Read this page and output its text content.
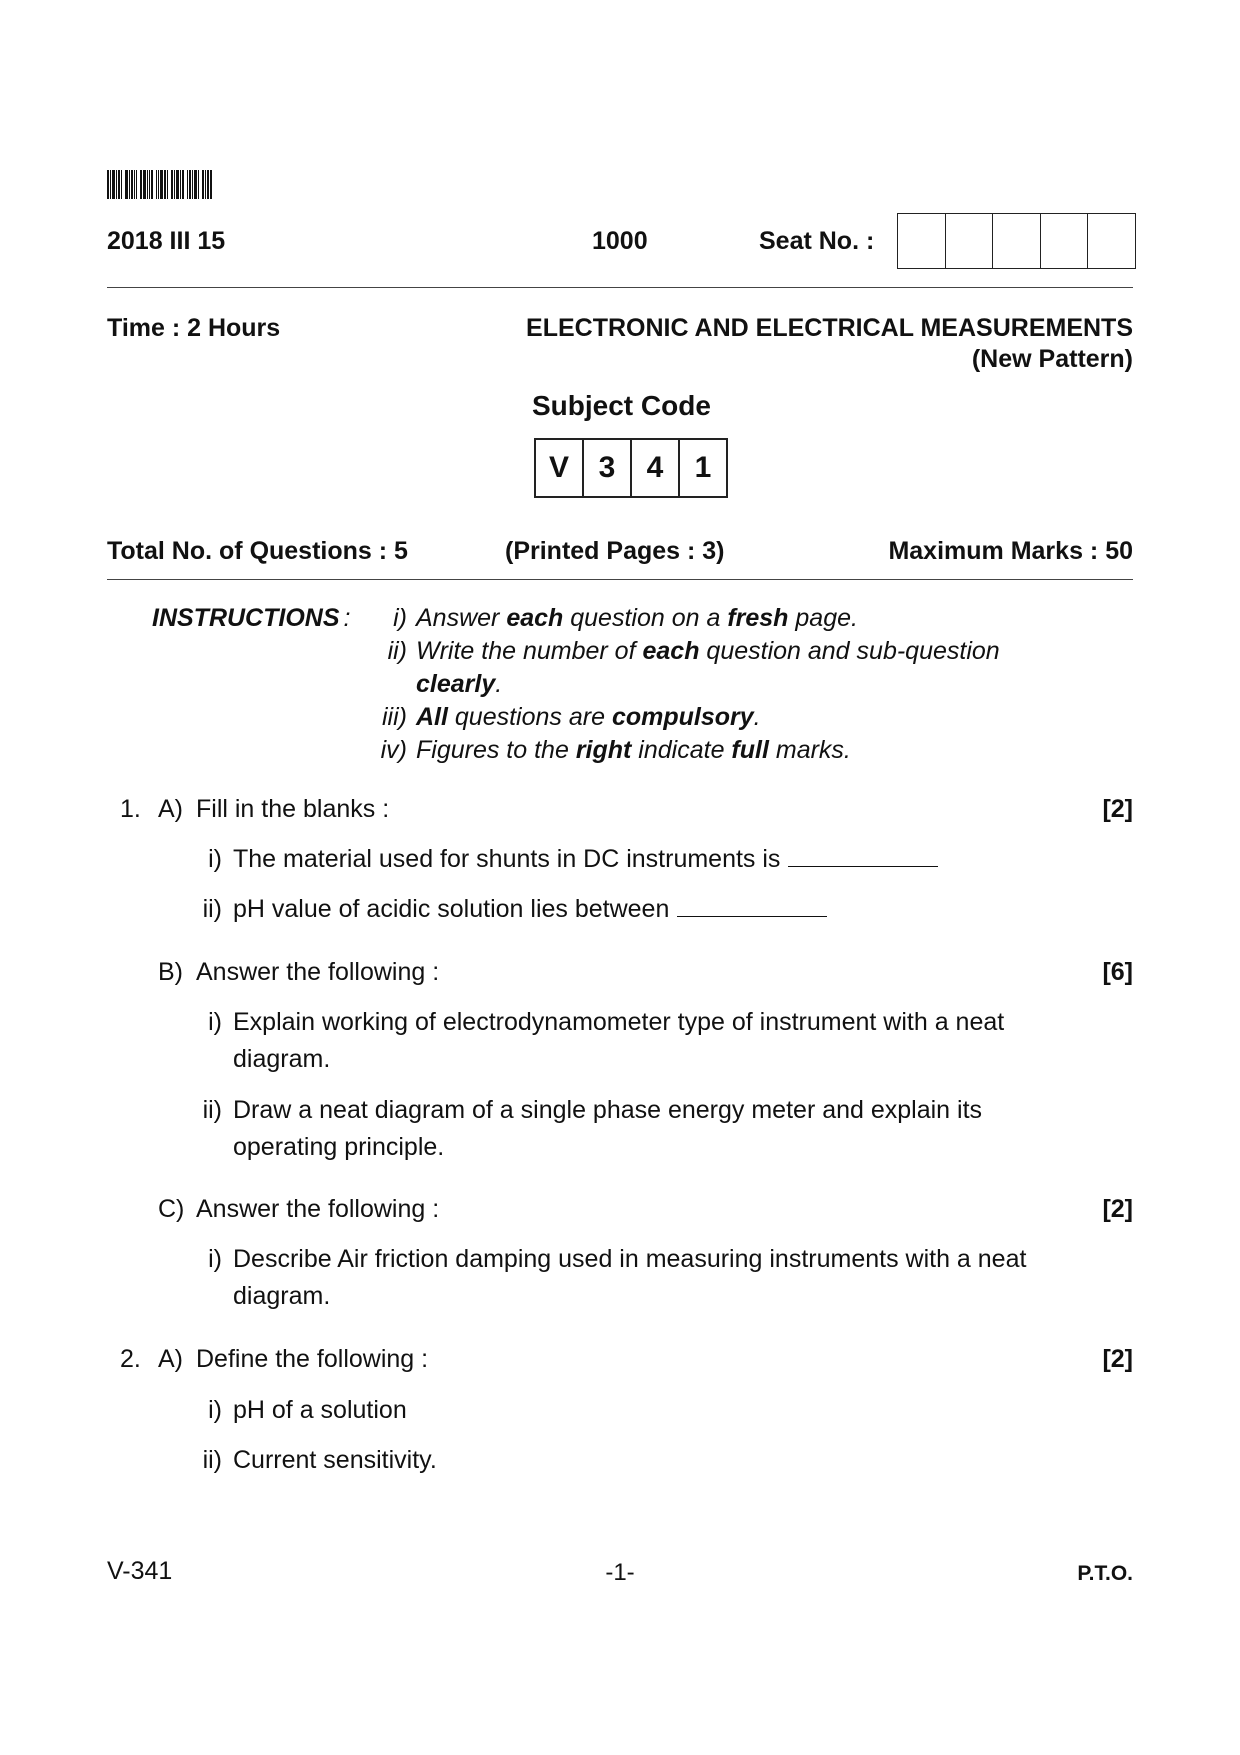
2018 III 15	1000	Seat No. :
Time : 2 Hours	ELECTRONIC AND ELECTRICAL MEASUREMENTS
(New Pattern)
Subject Code
V 3	4	1
Total No. of Questions : 5	(Printed Pages : 3)	Maximum Marks : 50
INSTRUCTIONS :	i) Answer each question on a fresh page.
ii) Write the number of each question and sub-question
clearly.
iii) All questions are compulsory.
iv) Figures to the right indicate full marks.
1. A) Fill in the blanks :	[2]
i) The material used for shunts in DC instruments is
ii) pH value of acidic solution lies between
B) Answer the following :	[6]
i) Explain working of electrodynamometer type of instrument with a neat
diagram.
ii) Draw a neat diagram of a single phase energy meter and explain its
operating principle.
C) Answer the following :	[2]
i) Describe Air friction damping used in measuring instruments with a neat
diagram.
2. A) Define the following :	[2]
i) pH of a solution
ii) Current sensitivity.
V-341	-1-	P.T.O.
